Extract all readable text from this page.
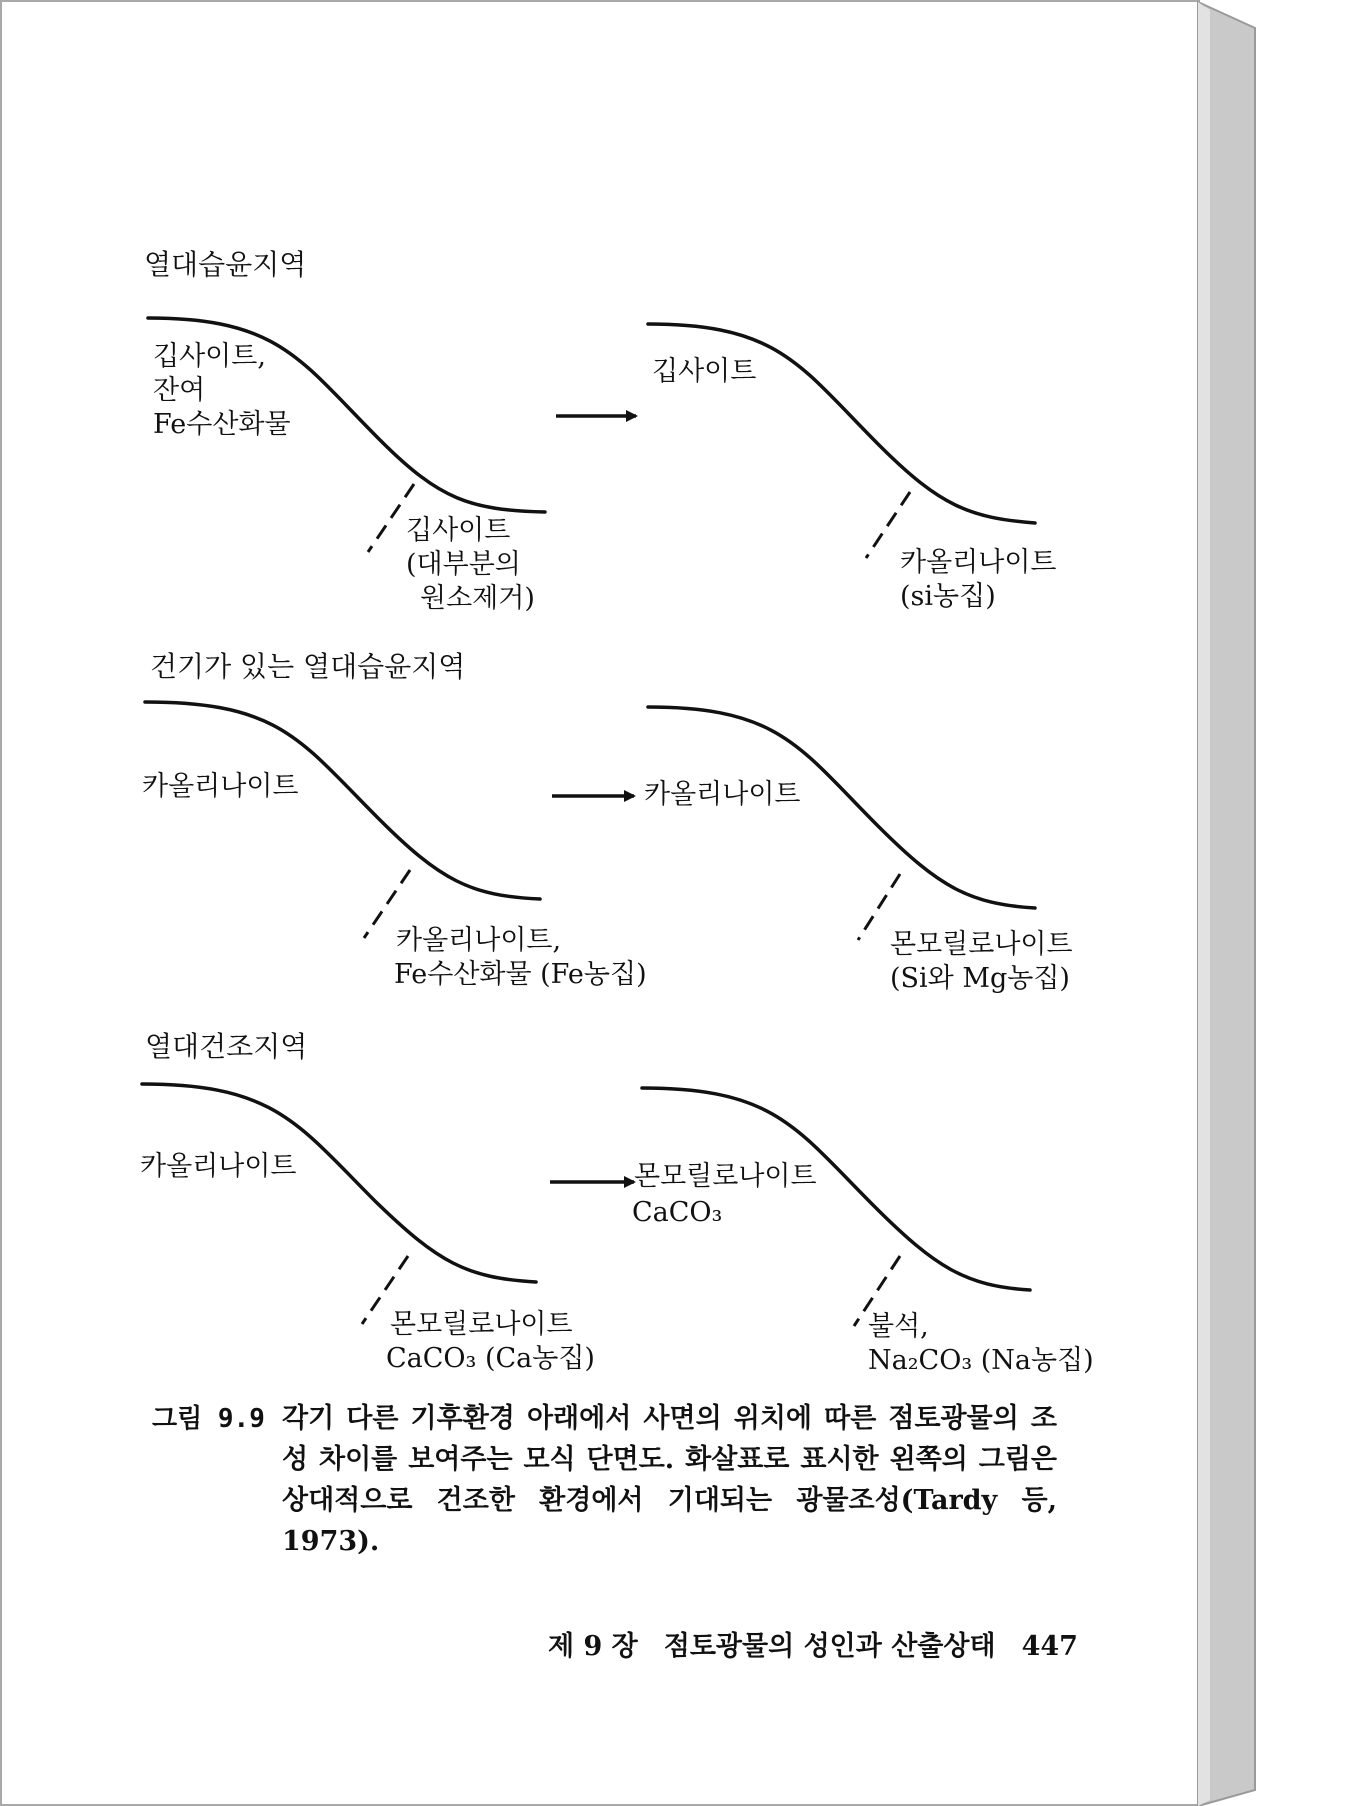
열대습윤지역
깁사이트,
잔여
Fe수산화물
깁사이트
(대부분의
원소제거)
깁사이트
카올리나이트
(si농집)
건기가 있는 열대습윤지역
카올리나이트
카올리나이트,
Fe수산화물 (Fe농집)
카올리나이트
몬모릴로나이트
(Si와 Mg농집)
열대건조지역
카올리나이트
몬모릴로나이트
CaCO₃ (Ca농집)
몬모릴로나이트
CaCO₃
불석,
Na₂CO₃ (Na농집)
그림 9.9 각기 다른 기후환경 아래에서 사면의 위치에 따른 점토광물의 조성 차이를 보여주는 모식 단면도. 화살표로 표시한 왼쪽의 그림은 상대적으로 건조한 환경에서 기대되는 광물조성(Tardy 등, 1973).
제 9 장 점토광물의 성인과 산출상태 447
